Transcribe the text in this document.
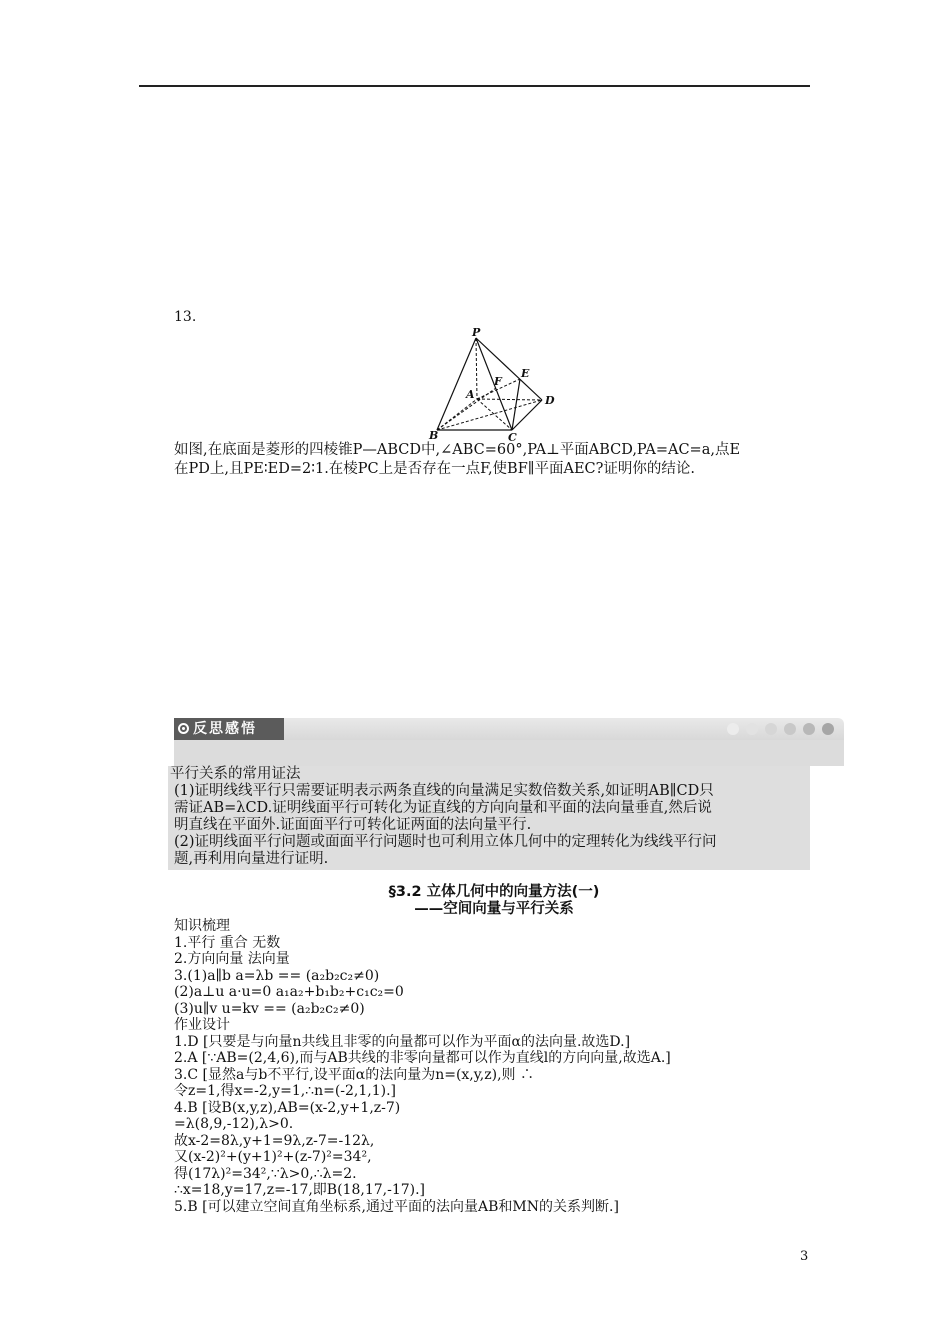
13.
P
A
B	C
D
E
F

如图,在底面是菱形的四棱锥P—ABCD中,∠ABC=60°,PA⊥平面ABCD,PA=AC=a,点E

在PD上,且PE∶ED=2∶1.在棱PC上是否存在一点F,使BF∥平面AEC?证明你的结论.

反思感悟

平行关系的常用证法

(1)证明线线平行只需要证明表示两条直线的向量满足实数倍数关系,如证明AB∥CD只

需证AB=λCD.证明线面平行可转化为证直线的方向向量和平面的法向量垂直,然后说

明直线在平面外.证面面平行可转化证两面的法向量平行.

(2)证明线面平行问题或面面平行问题时也可利用立体几何中的定理转化为线线平行问

题,再利用向量进行证明.

§3.2 立体几何中的向量方法(一)
——空间向量与平行关系

知识梳理

1.平行 重合 无数

2.方向向量 法向量

3.(1)a∥b a=λb == (a₂b₂c₂≠0)

(2)a⊥u a·u=0 a₁a₂+b₁b₂+c₁c₂=0

(3)u∥v u=kv == (a₂b₂c₂≠0)

作业设计

1.D [只要是与向量n共线且非零的向量都可以作为平面α的法向量.故选D.]

2.A [∵AB=(2,4,6),而与AB共线的非零向量都可以作为直线l的方向向量,故选A.]

3.C [显然a与b不平行,设平面α的法向量为n=(x,y,z),则 ∴

令z=1,得x=-2,y=1,∴n=(-2,1,1).]

4.B [设B(x,y,z),AB=(x-2,y+1,z-7)

=λ(8,9,-12),λ>0.

故x-2=8λ,y+1=9λ,z-7=-12λ,

又(x-2)²+(y+1)²+(z-7)²=34²,

得(17λ)²=34²,∵λ>0,∴λ=2.

∴x=18,y=17,z=-17,即B(18,17,-17).]

5.B [可以建立空间直角坐标系,通过平面的法向量AB和MN的关系判断.]

3
